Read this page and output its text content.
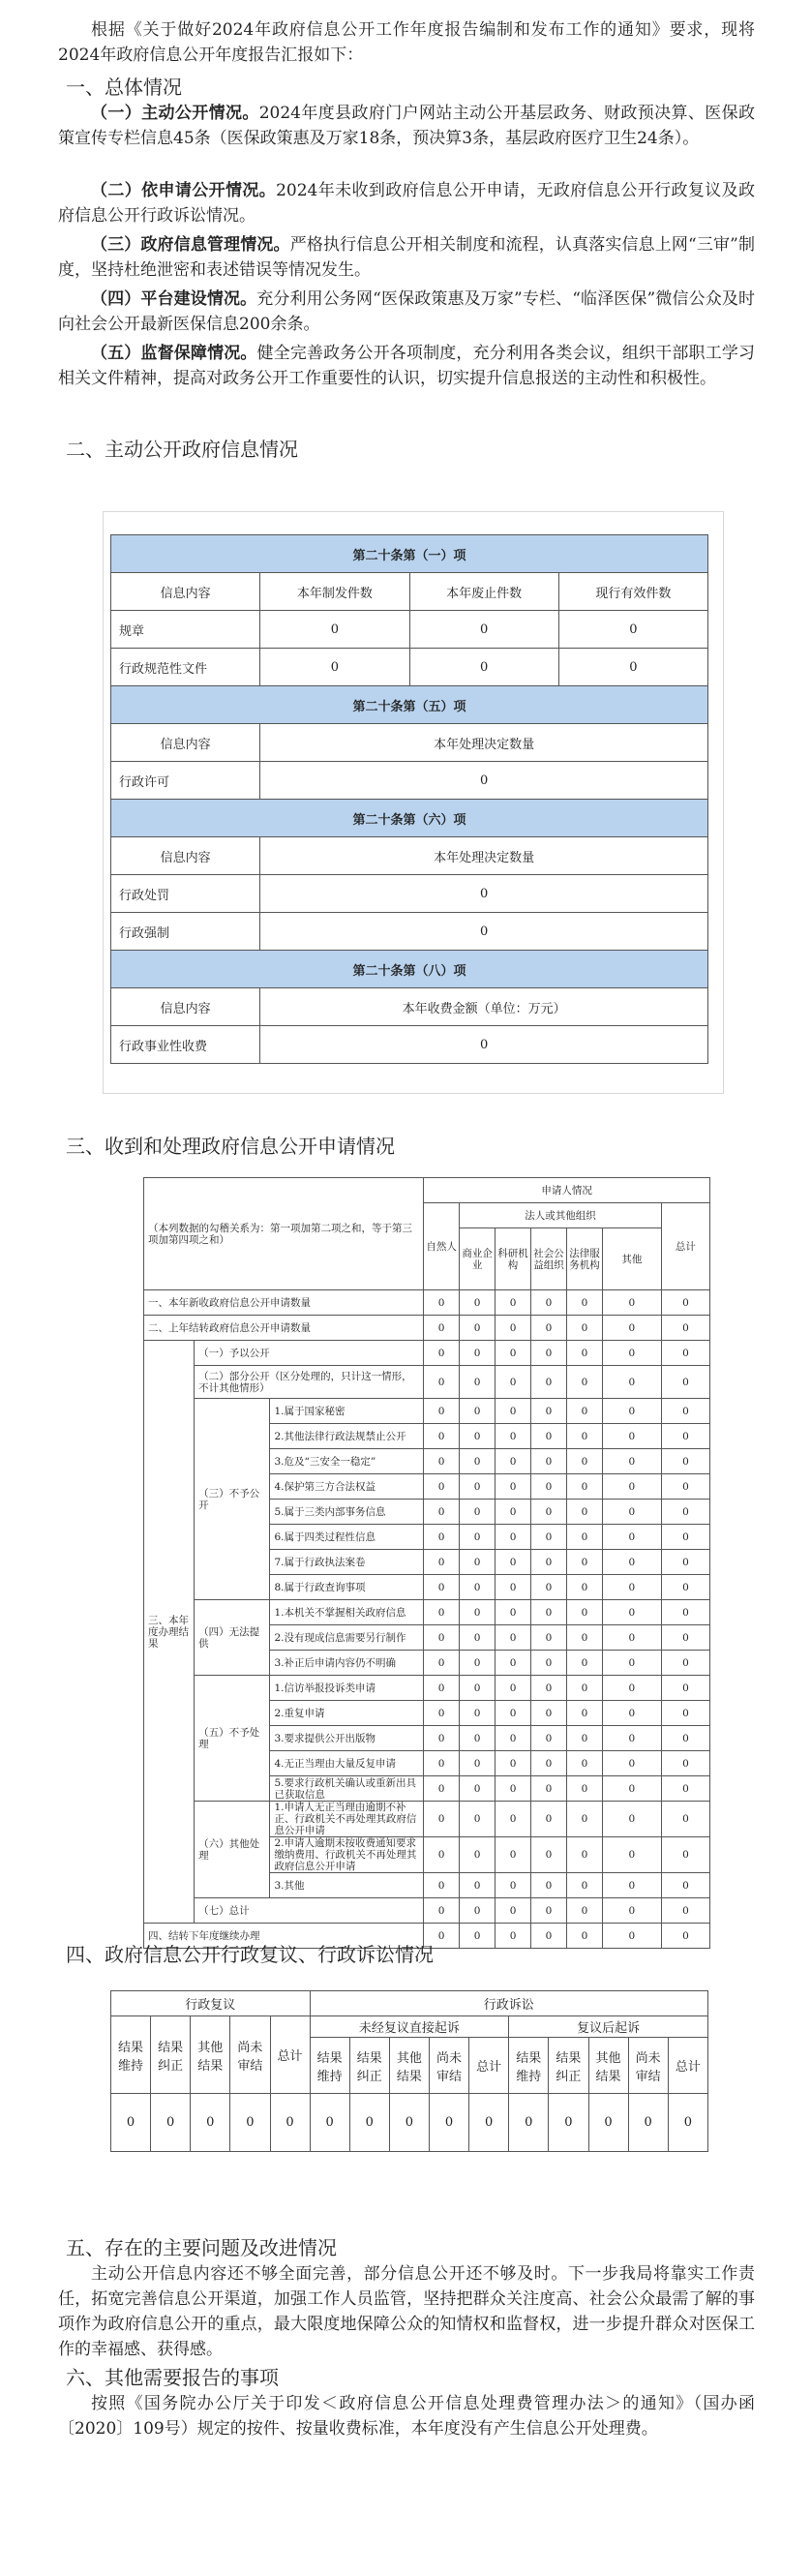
根据《关于做好2024年政府信息公开工作年度报告编制和发布工作的通知》要求，现将2024年政府信息公开年度报告汇报如下：
一、总体情况
（一）主动公开情况。2024年度县政府门户网站主动公开基层政务、财政预决算、医保政策宣传专栏信息45条（医保政策惠及万家18条，预决算3条，基层政府医疗卫生24条）。
（二）依申请公开情况。2024年未收到政府信息公开申请，无政府信息公开行政复议及政府信息公开行政诉讼情况。
（三）政府信息管理情况。严格执行信息公开相关制度和流程，认真落实信息上网“三审”制度，坚持杜绝泄密和表述错误等情况发生。
（四）平台建设情况。充分利用公务网“医保政策惠及万家”专栏、“临泽医保”微信公众及时向社会公开最新医保信息200余条。
（五）监督保障情况。健全完善政务公开各项制度，充分利用各类会议，组织干部职工学习相关文件精神，提高对政务公开工作重要性的认识，切实提升信息报送的主动性和积极性。
二、主动公开政府信息情况
第二十条第（一）项			
信息内容	本年制发件数	本年废止件数	现行有效件数
规章	0	0	0
行政规范性文件	0	0	0
第二十条第（五）项			
信息内容	本年处理决定数量		
行政许可	0		
第二十条第（六）项			
信息内容	本年处理决定数量		
行政处罚	0		
行政强制	0		
第二十条第（八）项			
信息内容	本年收费金额（单位：万元）		
行政事业性收费	0		
三、收到和处理政府信息公开申请情况
（本列数据的勾稽关系为：第一项加第二项之和，等于第三项加第四项之和）			申请人情况						
			自然人	法人或其他组织					总计
				商业企业	科研机构	社会公益组织	法律服务机构	其他	
一、本年新收政府信息公开申请数量			0	0	0	0	0	0	0
二、上年结转政府信息公开申请数量			0	0	0	0	0	0	0
三、本年度办理结果	（一）予以公开		0	0	0	0	0	0	0
	（二）部分公开（区分处理的，只计这一情形，不计其他情形）		0	0	0	0	0	0	0
	（三）不予公开	1.属于国家秘密	0	0	0	0	0	0	0
		2.其他法律行政法规禁止公开	0	0	0	0	0	0	0
		3.危及“三安全一稳定”	0	0	0	0	0	0	0
		4.保护第三方合法权益	0	0	0	0	0	0	0
		5.属于三类内部事务信息	0	0	0	0	0	0	0
		6.属于四类过程性信息	0	0	0	0	0	0	0
		7.属于行政执法案卷	0	0	0	0	0	0	0
		8.属于行政查询事项	0	0	0	0	0	0	0
	（四）无法提供	1.本机关不掌握相关政府信息	0	0	0	0	0	0	0
		2.没有现成信息需要另行制作	0	0	0	0	0	0	0
		3.补正后申请内容仍不明确	0	0	0	0	0	0	0
	（五）不予处理	1.信访举报投诉类申请	0	0	0	0	0	0	0
		2.重复申请	0	0	0	0	0	0	0
		3.要求提供公开出版物	0	0	0	0	0	0	0
		4.无正当理由大量反复申请	0	0	0	0	0	0	0
		5.要求行政机关确认或重新出具已获取信息	0	0	0	0	0	0	0
	（六）其他处理	1.申请人无正当理由逾期不补正、行政机关不再处理其政府信息公开申请	0	0	0	0	0	0	0
		2.申请人逾期未按收费通知要求缴纳费用、行政机关不再处理其政府信息公开申请	0	0	0	0	0	0	0
		3.其他	0	0	0	0	0	0	0
	（七）总计		0	0	0	0	0	0	0
四、结转下年度继续办理			0	0	0	0	0	0	0
四、政府信息公开行政复议、行政诉讼情况
行政复议					行政诉讼									
结果维持	结果纠正	其他结果	尚未审结	总计	未经复议直接起诉					复议后起诉				
					结果维持	结果纠正	其他结果	尚未审结	总计	结果维持	结果纠正	其他结果	尚未审结	总计
0	0	0	0	0	0	0	0	0	0	0	0	0	0	0
五、存在的主要问题及改进情况
主动公开信息内容还不够全面完善，部分信息公开还不够及时。下一步我局将靠实工作责任，拓宽完善信息公开渠道，加强工作人员监管，坚持把群众关注度高、社会公众最需了解的事项作为政府信息公开的重点，最大限度地保障公众的知情权和监督权，进一步提升群众对医保工作的幸福感、获得感。
六、其他需要报告的事项
按照《国务院办公厅关于印发＜政府信息公开信息处理费管理办法＞的通知》（国办函〔2020〕109号）规定的按件、按量收费标准，本年度没有产生信息公开处理费。
